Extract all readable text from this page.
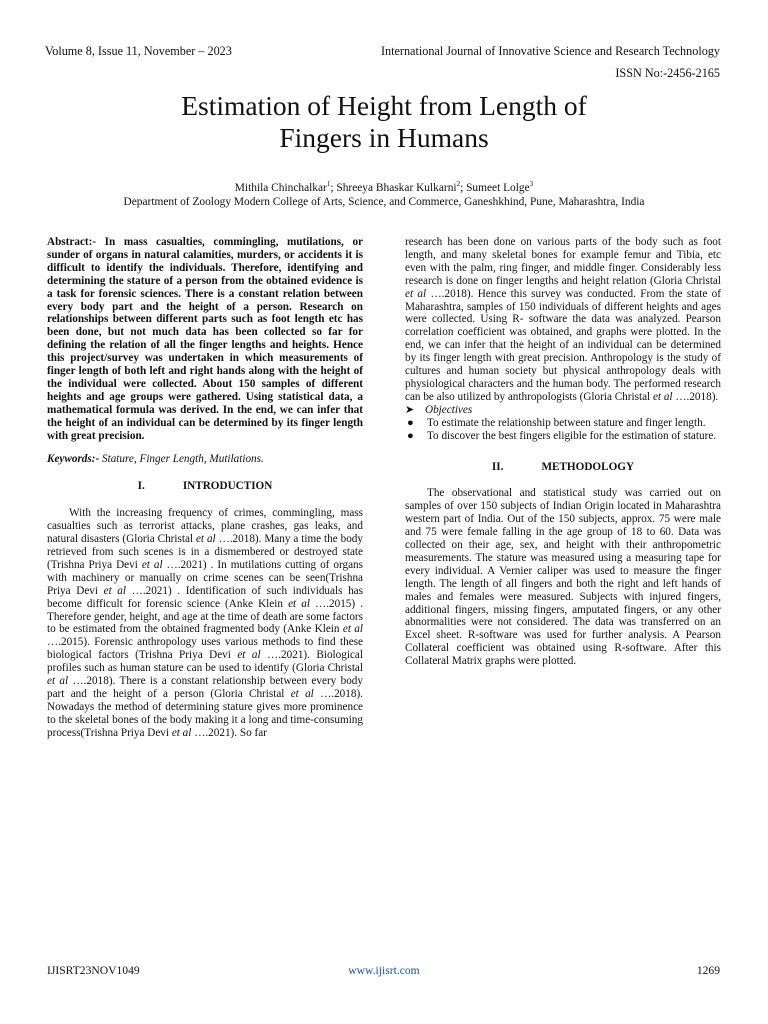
Volume 8, Issue 11, November – 2023	International Journal of Innovative Science and Research Technology
ISSN No:-2456-2165
Estimation of Height from Length of
Fingers in Humans
Mithila Chinchalkar$^1$; Shreeya Bhaskar Kulkarni$^2$; Sumeet Lolge$^3$
Department of Zoology Modern College of Arts, Science, and Commerce, Ganeshkhind, Pune, Maharashtra, India

Abstract:- In mass casualties, commingling, mutilations, or sunder of organs in natural calamities, murders, or accidents it is difficult to identify the individuals. Therefore, identifying and determining the stature of a person from the obtained evidence is a task for forensic sciences. There is a constant relation between every body part and the height of a person. Research on relationships between different parts such as foot length etc has been done, but not much data has been collected so far for defining the relation of all the finger lengths and heights. Hence this project/survey was undertaken in which measurements of finger length of both left and right hands along with the height of the individual were collected. About 150 samples of different heights and age groups were gathered. Using statistical data, a mathematical formula was derived. In the end, we can infer that the height of an individual can be determined by its finger length with great precision.

Keywords:- Stature, Finger Length, Mutilations.

I.	INTRODUCTION

With the increasing frequency of crimes, commingling, mass casualties such as terrorist attacks, plane crashes, gas leaks, and natural disasters (Gloria Christal et al ….2018). Many a time the body retrieved from such scenes is in a dismembered or destroyed state (Trishna Priya Devi et al ….2021) . In mutilations cutting of organs with machinery or manually on crime scenes can be seen(Trishna Priya Devi et al ….2021) . Identification of such individuals has become difficult for forensic science (Anke Klein et al ….2015) . Therefore gender, height, and age at the time of death are some factors to be estimated from the obtained fragmented body (Anke Klein et al ….2015). Forensic anthropology uses various methods to find these biological factors (Trishna Priya Devi et al ….2021). Biological profiles such as human stature can be used to identify (Gloria Christal et al ….2018). There is a constant relationship between every body part and the height of a person (Gloria Christal et al ….2018). Nowadays the method of determining stature gives more prominence to the skeletal bones of the body making it a long and time-consuming process(Trishna Priya Devi et al ….2021). So far

research has been done on various parts of the body such as foot length, and many skeletal bones for example femur and Tibia, etc even with the palm, ring finger, and middle finger. Considerably less research is done on finger lengths and height relation (Gloria Christal et al ….2018). Hence this survey was conducted. From the state of Maharashtra, samples of 150 individuals of different heights and ages were collected. Using R- software the data was analyzed. Pearson correlation coefficient was obtained, and graphs were plotted. In the end, we can infer that the height of an individual can be determined by its finger length with great precision. Anthropology is the study of cultures and human society but physical anthropology deals with physiological characters and the human body. The performed research can be also utilized by anthropologists (Gloria Christal et al ….2018).

➤ Objectives

● To estimate the relationship between stature and finger length.
● To discover the best fingers eligible for the estimation of stature.
II.	METHODOLOGY

The observational and statistical study was carried out on samples of over 150 subjects of Indian Origin located in Maharashtra western part of India. Out of the 150 subjects, approx. 75 were male and 75 were female falling in the age group of 18 to 60. Data was collected on their age, sex, and height with their anthropometric measurements. The stature was measured using a measuring tape for every individual. A Vernier caliper was used to measure the finger length. The length of all fingers and both the right and left hands of males and females were measured. Subjects with injured fingers, additional fingers, missing fingers, amputated fingers, or any other abnormalities were not considered. The data was transferred on an Excel sheet. R-software was used for further analysis. A Pearson Collateral coefficient was obtained using R-software. After this Collateral Matrix graphs were plotted.

IJISRT23NOV1049	www.ijisrt.com	1269
